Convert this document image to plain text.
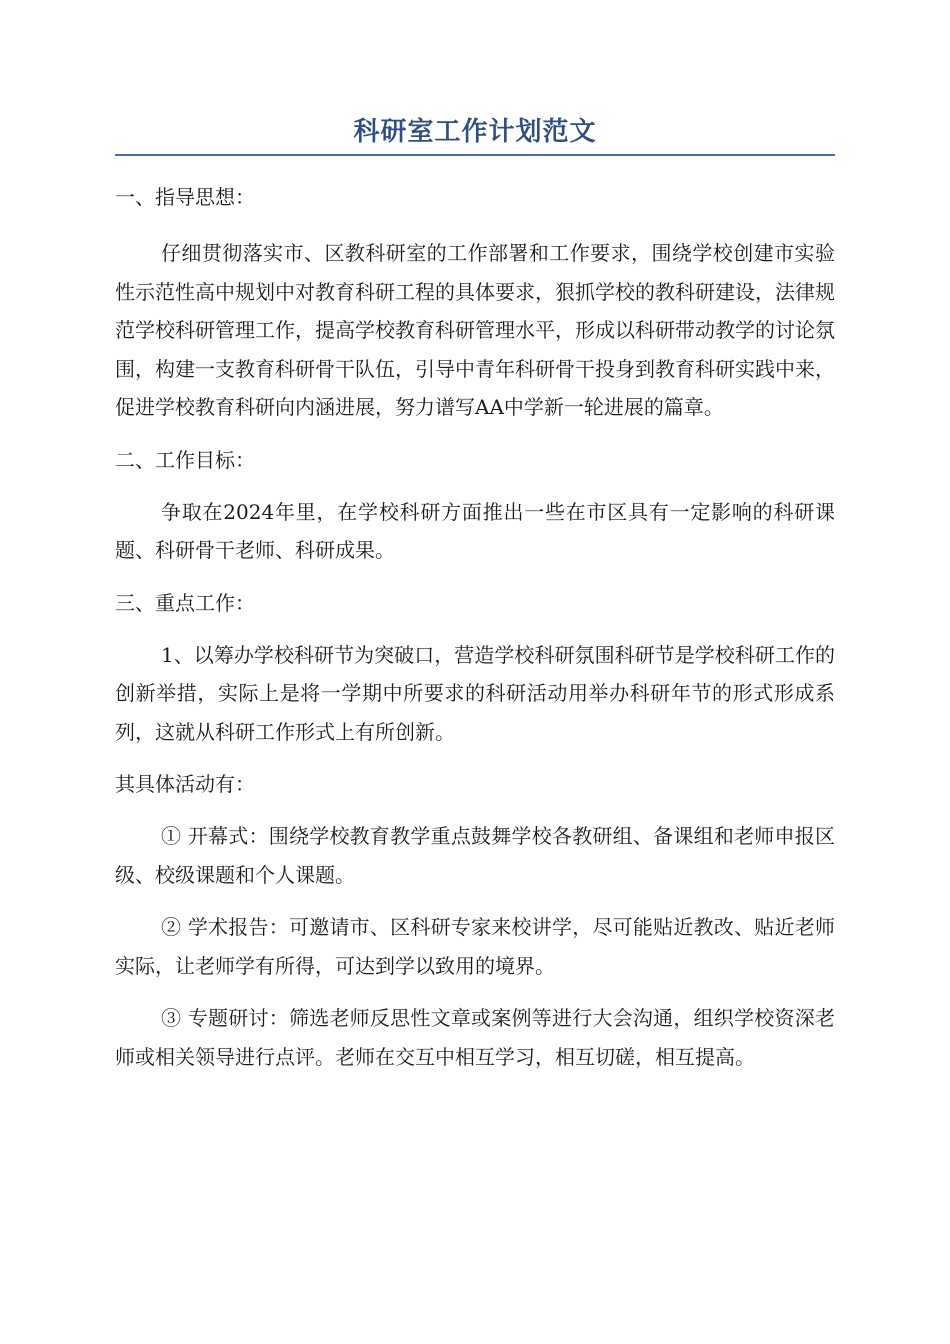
科研室工作计划范文

一、指导思想：

仔细贯彻落实市、区教科研室的工作部署和工作要求，围绕学校创建市实验性示范性高中规划中对教育科研工程的具体要求，狠抓学校的教科研建设，法律规范学校科研管理工作，提高学校教育科研管理水平，形成以科研带动教学的讨论氛围，构建一支教育科研骨干队伍，引导中青年科研骨干投身到教育科研实践中来，促进学校教育科研向内涵进展，努力谱写AA中学新一轮进展的篇章。

二、工作目标：

争取在2024年里，在学校科研方面推出一些在市区具有一定影响的科研课题、科研骨干老师、科研成果。

三、重点工作：

1、以筹办学校科研节为突破口，营造学校科研氛围科研节是学校科研工作的创新举措，实际上是将一学期中所要求的科研活动用举办科研年节的形式形成系列，这就从科研工作形式上有所创新。

其具体活动有：

① 开幕式：围绕学校教育教学重点鼓舞学校各教研组、备课组和老师申报区级、校级课题和个人课题。

② 学术报告：可邀请市、区科研专家来校讲学，尽可能贴近教改、贴近老师实际，让老师学有所得，可达到学以致用的境界。

③ 专题研讨：筛选老师反思性文章或案例等进行大会沟通，组织学校资深老师或相关领导进行点评。老师在交互中相互学习，相互切磋，相互提高。
